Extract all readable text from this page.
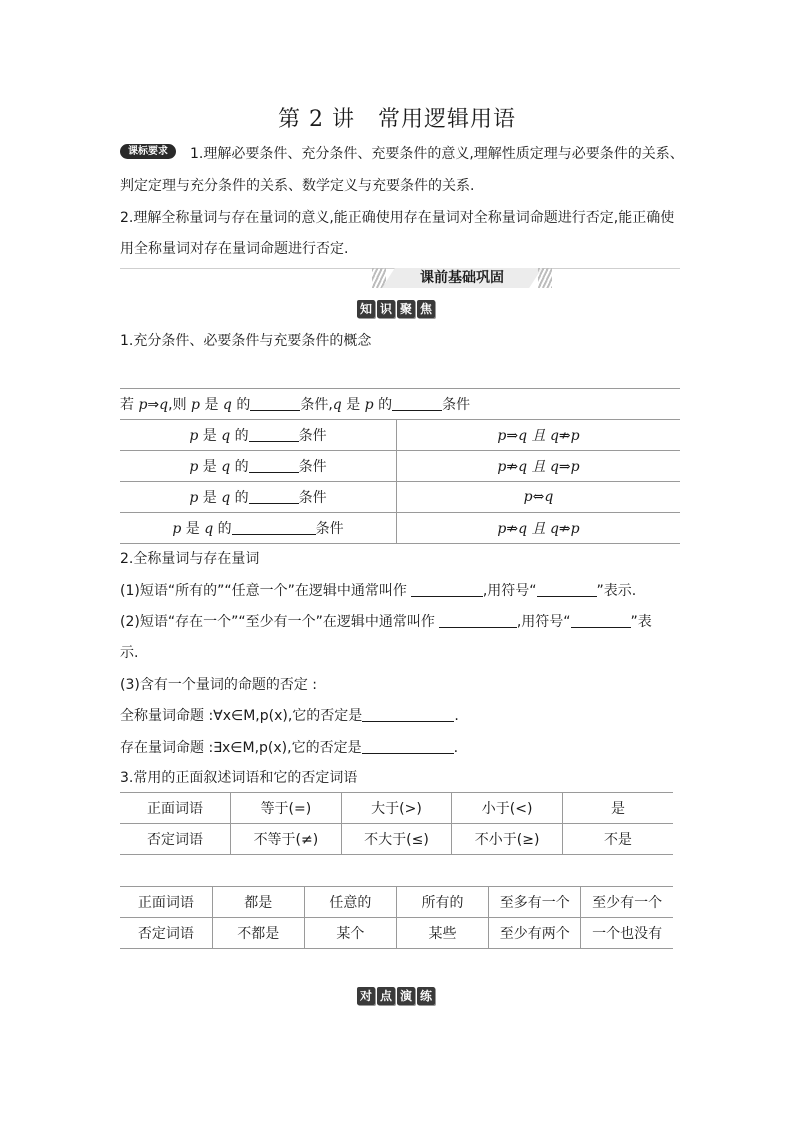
第 2 讲　常用逻辑用语
课标要求	1.理解必要条件、充分条件、充要条件的意义,理解性质定理与必要条件的关系、
判定定理与充分条件的关系、数学定义与充要条件的关系.
2.理解全称量词与存在量词的意义,能正确使用存在量词对全称量词命题进行否定,能正确使
用全称量词对存在量词命题进行否定.
课前基础巩固
知 识 聚 焦
1.充分条件、必要条件与充要条件的概念
若 p⇒q,则 p 是 q 的 条件,q 是 p 的 条件	
p 是 q 的 条件	p⇒q 且 q⇏p
p 是 q 的 条件	p⇏q 且 q⇒p
p 是 q 的 条件	p⇔q
p 是 q 的 条件	p⇏q 且 q⇏p
2.全称量词与存在量词
(1)短语“所有的”“任意一个”在逻辑中通常叫作	,用符号“	”表示.
(2)短语“存在一个”“至少有一个”在逻辑中通常叫作	,用符号“	”表
示.
(3)含有一个量词的命题的否定 :
全称量词命题 :∀x∈M,p(x),它的否定是	.
存在量词命题 :∃x∈M,p(x),它的否定是	.
3.常用的正面叙述词语和它的否定词语
正面词语	等于(=)	大于(>)	小于(<)	是
否定词语	不等于(≠)	不大于(≤)	不小于(≥)	不是
正面词语	都是	任意的	所有的	至多有一个	至少有一个
否定词语	不都是	某个	某些	至少有两个	一个也没有
对 点 演 练
